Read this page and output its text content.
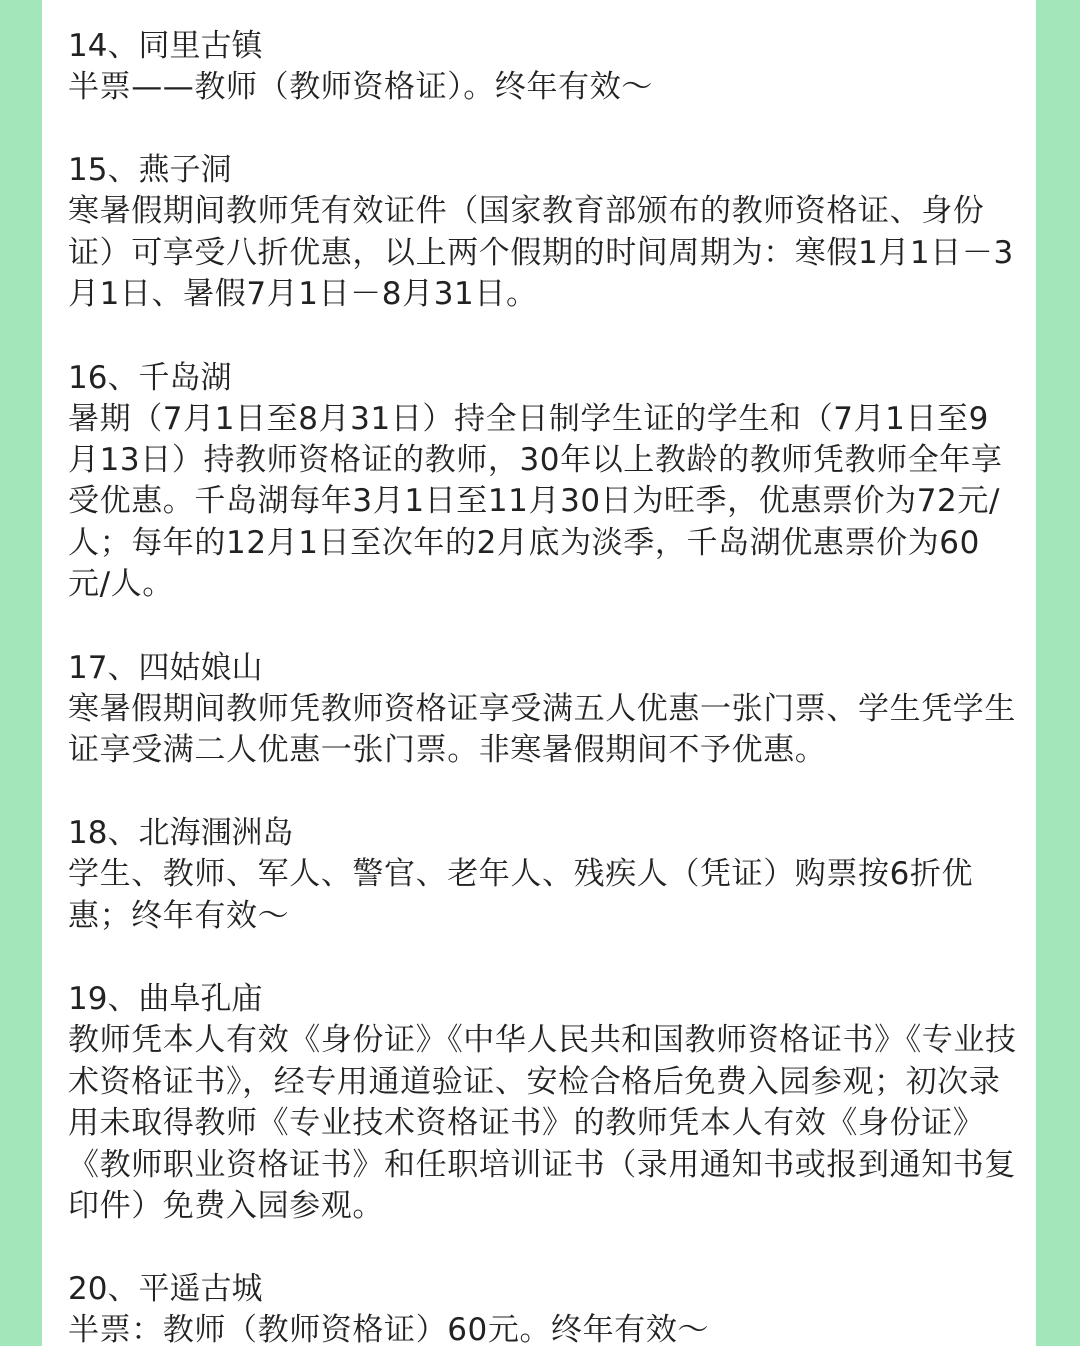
14、同里古镇
半票——教师（教师资格证）。终年有效～
15、燕子洞
寒暑假期间教师凭有效证件（国家教育部颁布的教师资格证、身份证）可享受八折优惠，以上两个假期的时间周期为：寒假1月1日－3月1日、暑假7月1日－8月31日。
16、千岛湖
暑期（7月1日至8月31日）持全日制学生证的学生和（7月1日至9月13日）持教师资格证的教师，30年以上教龄的教师凭教师全年享受优惠。千岛湖每年3月1日至11月30日为旺季，优惠票价为72元/人；每年的12月1日至次年的2月底为淡季，千岛湖优惠票价为60元/人。
17、四姑娘山
寒暑假期间教师凭教师资格证享受满五人优惠一张门票、学生凭学生证享受满二人优惠一张门票。非寒暑假期间不予优惠。
18、北海涠洲岛
学生、教师、军人、警官、老年人、残疾人（凭证）购票按6折优惠；终年有效～
19、曲阜孔庙
教师凭本人有效《身份证》《中华人民共和国教师资格证书》《专业技术资格证书》，经专用通道验证、安检合格后免费入园参观；初次录用未取得教师《专业技术资格证书》的教师凭本人有效《身份证》《教师职业资格证书》和任职培训证书（录用通知书或报到通知书复印件）免费入园参观。
20、平遥古城
半票：教师（教师资格证）60元。终年有效～
